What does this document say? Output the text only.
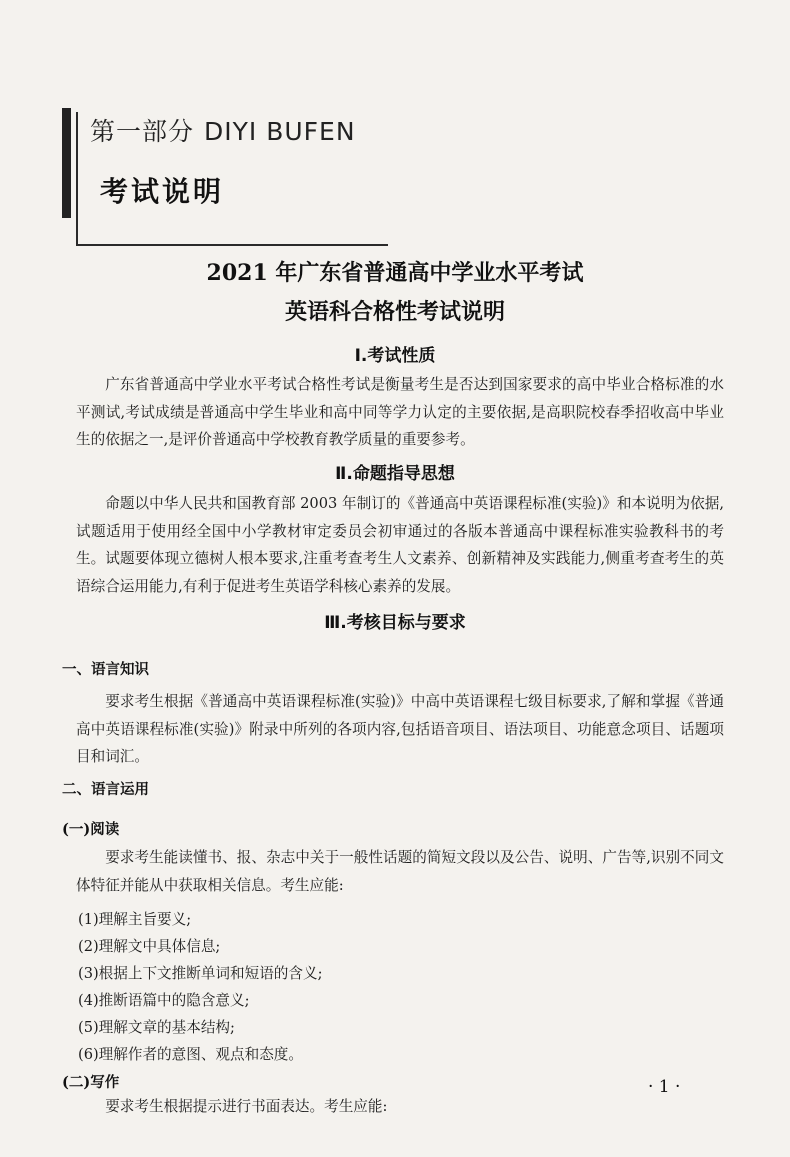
第一部分 DIYI BUFEN
考试说明
2021 年广东省普通高中学业水平考试
英语科合格性考试说明
Ⅰ.考试性质
广东省普通高中学业水平考试合格性考试是衡量考生是否达到国家要求的高中毕业合格标准的水平测试,考试成绩是普通高中学生毕业和高中同等学力认定的主要依据,是高职院校春季招收高中毕业生的依据之一,是评价普通高中学校教育教学质量的重要参考。
Ⅱ.命题指导思想
命题以中华人民共和国教育部 2003 年制订的《普通高中英语课程标准(实验)》和本说明为依据,试题适用于使用经全国中小学教材审定委员会初审通过的各版本普通高中课程标准实验教科书的考生。 试题要体现立德树人根本要求,注重考查考生人文素养、创新精神及实践能力,侧重考查考生的英语综合运用能力,有利于促进考生英语学科核心素养的发展。
Ⅲ.考核目标与要求
一、语言知识
要求考生根据《普通高中英语课程标准(实验)》中高中英语课程七级目标要求,了解和掌握《普通高中英语课程标准(实验)》附录中所列的各项内容,包括语音项目、语法项目、功能意念项目、话题项目和词汇。
二、语言运用
(一)阅读
要求考生能读懂书、报、杂志中关于一般性话题的简短文段以及公告、说明、广告等,识别不同文体特征并能从中获取相关信息。考生应能:
(1)理解主旨要义;
(2)理解文中具体信息;
(3)根据上下文推断单词和短语的含义;
(4)推断语篇中的隐含意义;
(5)理解文章的基本结构;
(6)理解作者的意图、观点和态度。
(二)写作
要求考生根据提示进行书面表达。考生应能:
· 1 ·
